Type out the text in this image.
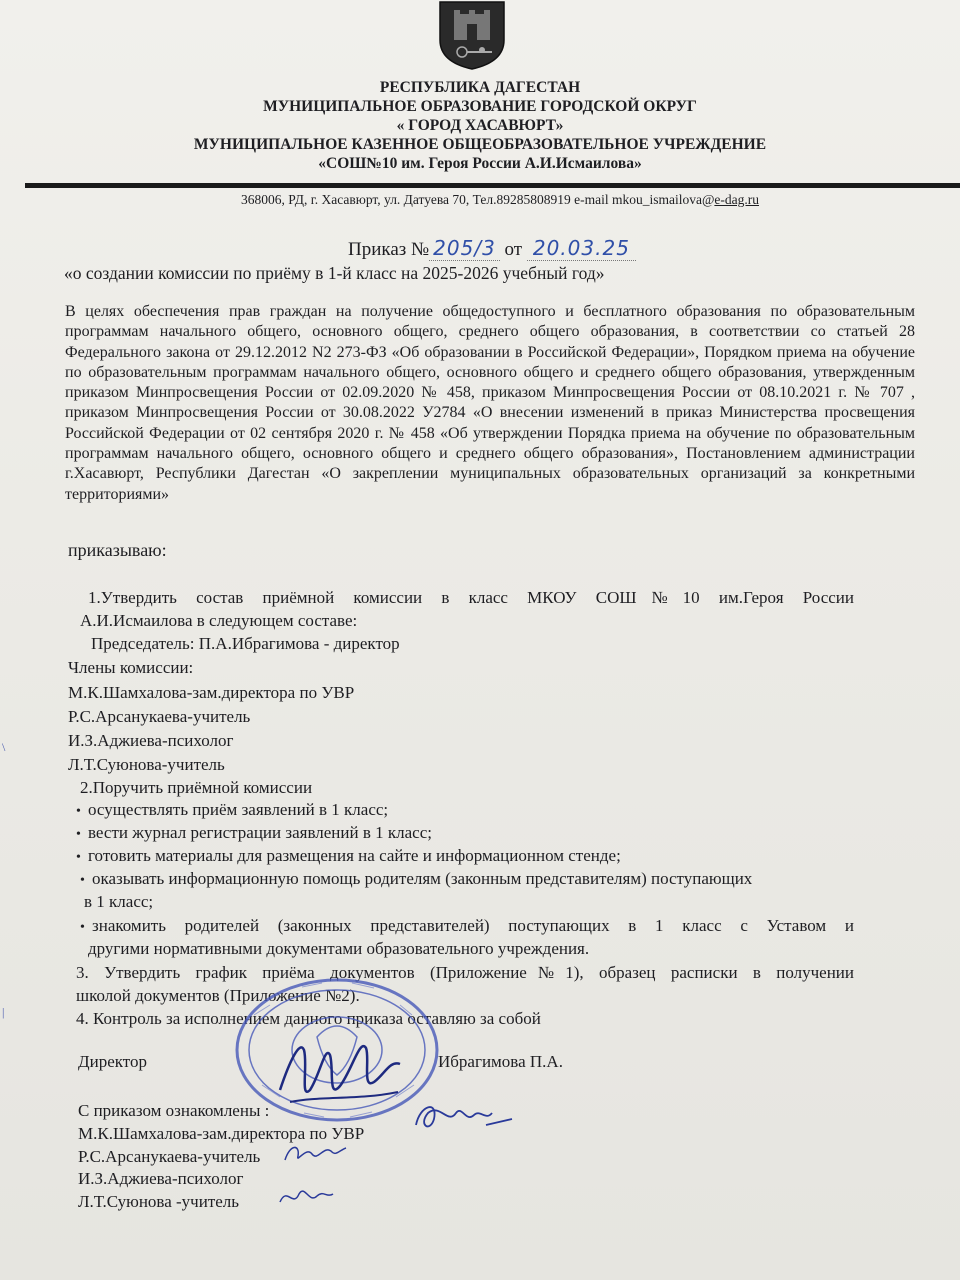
РЕСПУБЛИКА ДАГЕСТАН
МУНИЦИПАЛЬНОЕ ОБРАЗОВАНИЕ ГОРОДСКОЙ ОКРУГ
« ГОРОД ХАСАВЮРТ»
МУНИЦИПАЛЬНОЕ КАЗЕННОЕ ОБЩЕОБРАЗОВАТЕЛЬНОЕ УЧРЕЖДЕНИЕ
«СОШ№10 им. Героя России А.И.Исмаилова»
368006, РД, г. Хасавюрт, ул. Датуева 70, Тел.89285808919 e-mail mkou_ismailova@e-dag.ru
Приказ № 205/3 от 20.03.25
«о создании комиссии по приёму в 1-й класс на 2025-2026 учебный год»
В целях обеспечения прав граждан на получение общедоступного и бесплатного образования по образовательным программам начального общего, основного общего, среднего общего образования, в соответствии со статьей 28 Федерального закона от 29.12.2012 N2 273-ФЗ «Об образовании в Российской Федерации», Порядком приема на обучение по образовательным программам начального общего, основного общего и среднего общего образования, утвержденным приказом Минпросвещения России от 02.09.2020 № 458, приказом Минпросвещения России от 08.10.2021 г. № 707 , приказом Минпросвещения России от 30.08.2022 У2784 «О внесении изменений в приказ Министерства просвещения Российской Федерации от 02 сентября 2020 г. № 458 «Об утверждении Порядка приема на обучение по образовательным программам начального общего, основного общего и среднего общего образования», Постановлением администрации г.Хасавюрт, Республики Дагестан «О закреплении муниципальных образовательных организаций за конкретными территориями»
приказываю:
1.Утвердить состав приёмной комиссии в класс МКОУ СОШ№10 им.Героя России
А.И.Исмаилова в следующем составе:
Председатель: П.А.Ибрагимова - директор
Члены комиссии:
М.К.Шамхалова-зам.директора по УВР
Р.С.Арсанукаева-учитель
И.З.Аджиева-психолог
Л.Т.Суюнова-учитель
2.Поручить приёмной комиссии
• осуществлять приём заявлений в 1 класс;
• вести журнал регистрации заявлений в 1 класс;
• готовить материалы для размещения на сайте и информационном стенде;
• оказывать информационную помощь родителям (законным представителям) поступающих
в 1 класс;
• знакомить родителей (законных представителей) поступающих в 1 класс с Уставом и
другими нормативными документами образовательного учреждения.
3. Утвердить график приёма документов (Приложение№1), образец расписки в получении
школой документов (Приложение №2).
4. Контроль за исполнением данного приказа оставляю за собой
Директор	Ибрагимова П.А.
С приказом ознакомлены :
М.К.Шамхалова-зам.директора по УВР
Р.С.Арсанукаева-учитель
И.З.Аджиева-психолог
Л.Т.Суюнова -учитель
\
|
